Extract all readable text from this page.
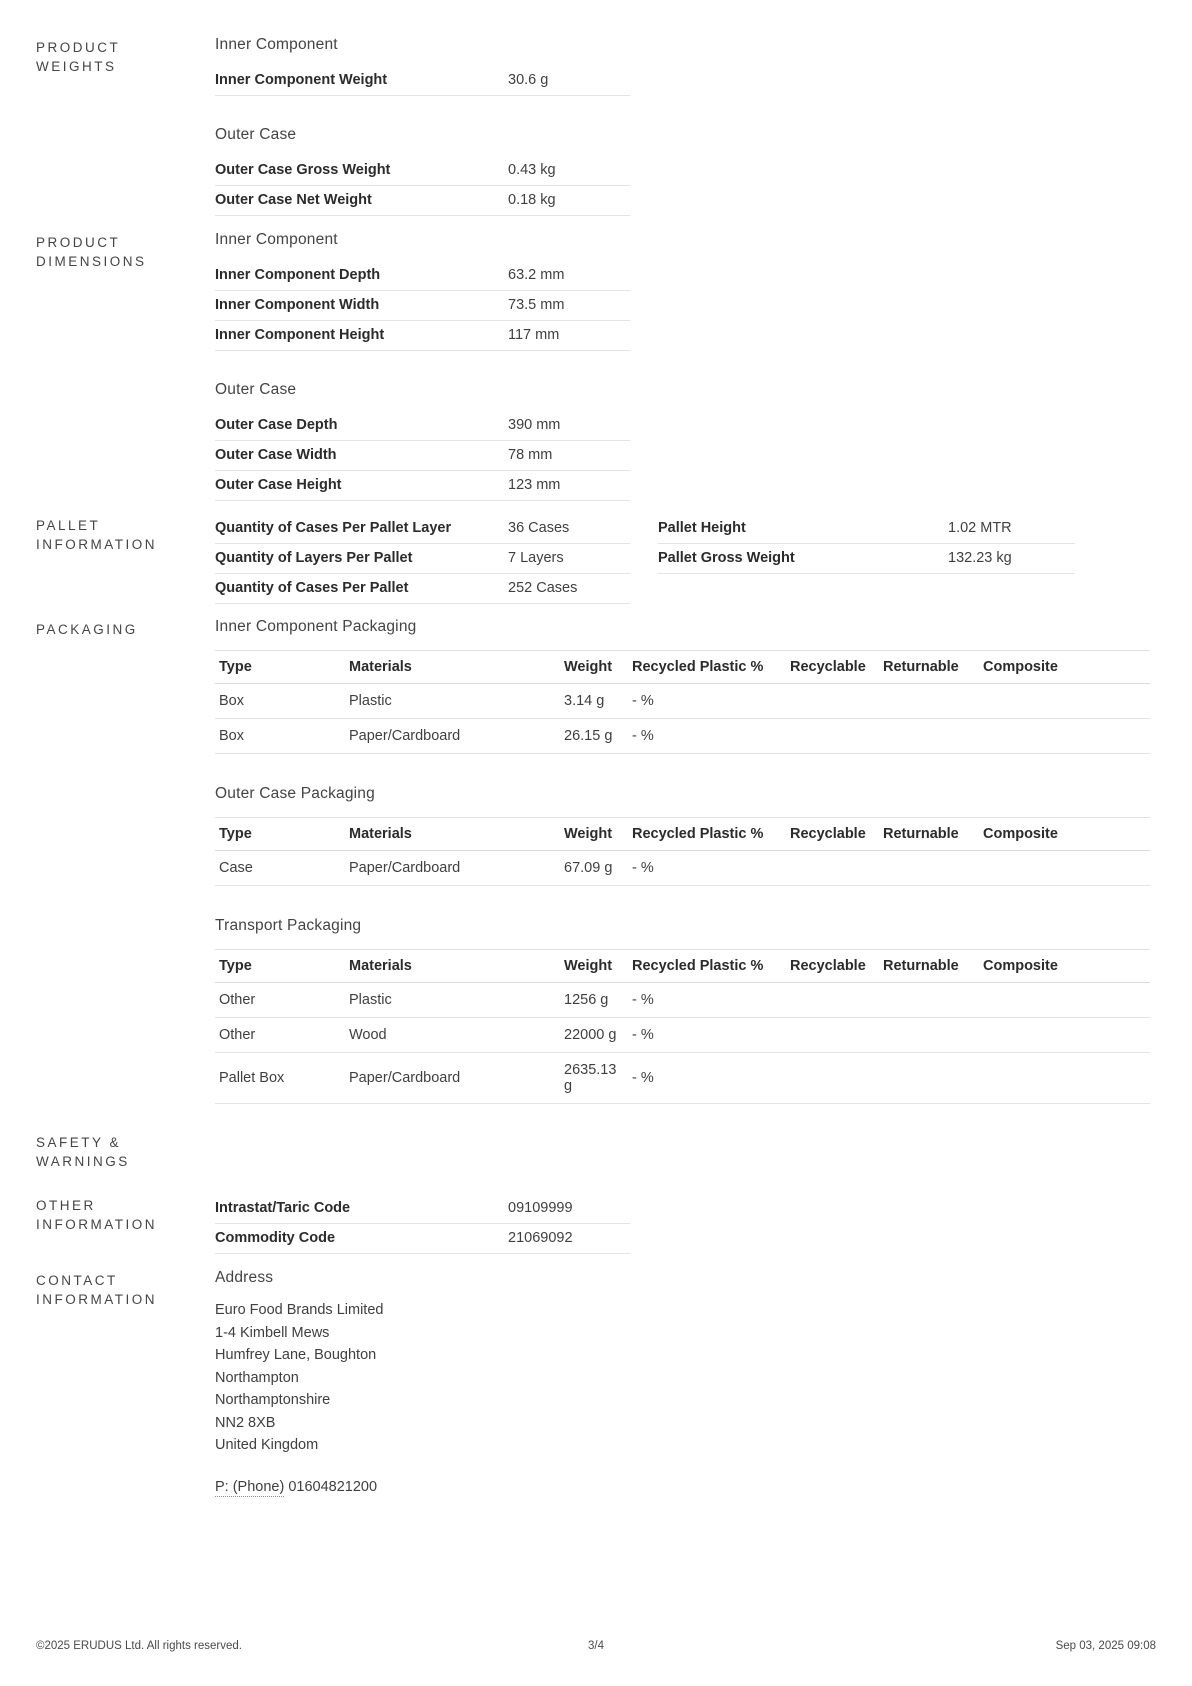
PRODUCT WEIGHTS
Inner Component
Inner Component Weight	30.6 g
Outer Case
Outer Case Gross Weight	0.43 kg
Outer Case Net Weight	0.18 kg
PRODUCT DIMENSIONS
Inner Component
Inner Component Depth	63.2 mm
Inner Component Width	73.5 mm
Inner Component Height	117 mm
Outer Case
Outer Case Depth	390 mm
Outer Case Width	78 mm
Outer Case Height	123 mm
PALLET INFORMATION
Quantity of Cases Per Pallet Layer	36 Cases
Quantity of Layers Per Pallet	7 Layers
Quantity of Cases Per Pallet	252 Cases
Pallet Height	1.02 MTR
Pallet Gross Weight	132.23 kg
PACKAGING	Inner Component Packaging
Type	Materials	Weight	Recycled Plastic %	Recyclable	Returnable	Composite
Box	Plastic	3.14 g	- %			
Box	Paper/Cardboard	26.15 g	- %			
Outer Case Packaging
Type	Materials	Weight	Recycled Plastic %	Recyclable	Returnable	Composite
Case	Paper/Cardboard	67.09 g	- %			
Transport Packaging
Type	Materials	Weight	Recycled Plastic %	Recyclable	Returnable	Composite
Other	Plastic	1256 g	- %			
Other	Wood	22000 g	- %			
Pallet Box	Paper/Cardboard	2635.13 g	- %			
SAFETY & WARNINGS
OTHER INFORMATION
Intrastat/Taric Code	09109999
Commodity Code	21069092
CONTACT INFORMATION
Address
Euro Food Brands Limited
1-4 Kimbell Mews
Humfrey Lane, Boughton
Northampton
Northamptonshire
NN2 8XB
United Kingdom
P: (Phone) 01604821200
©2025 ERUDUS Ltd. All rights reserved.	3/4	Sep 03, 2025 09:08
